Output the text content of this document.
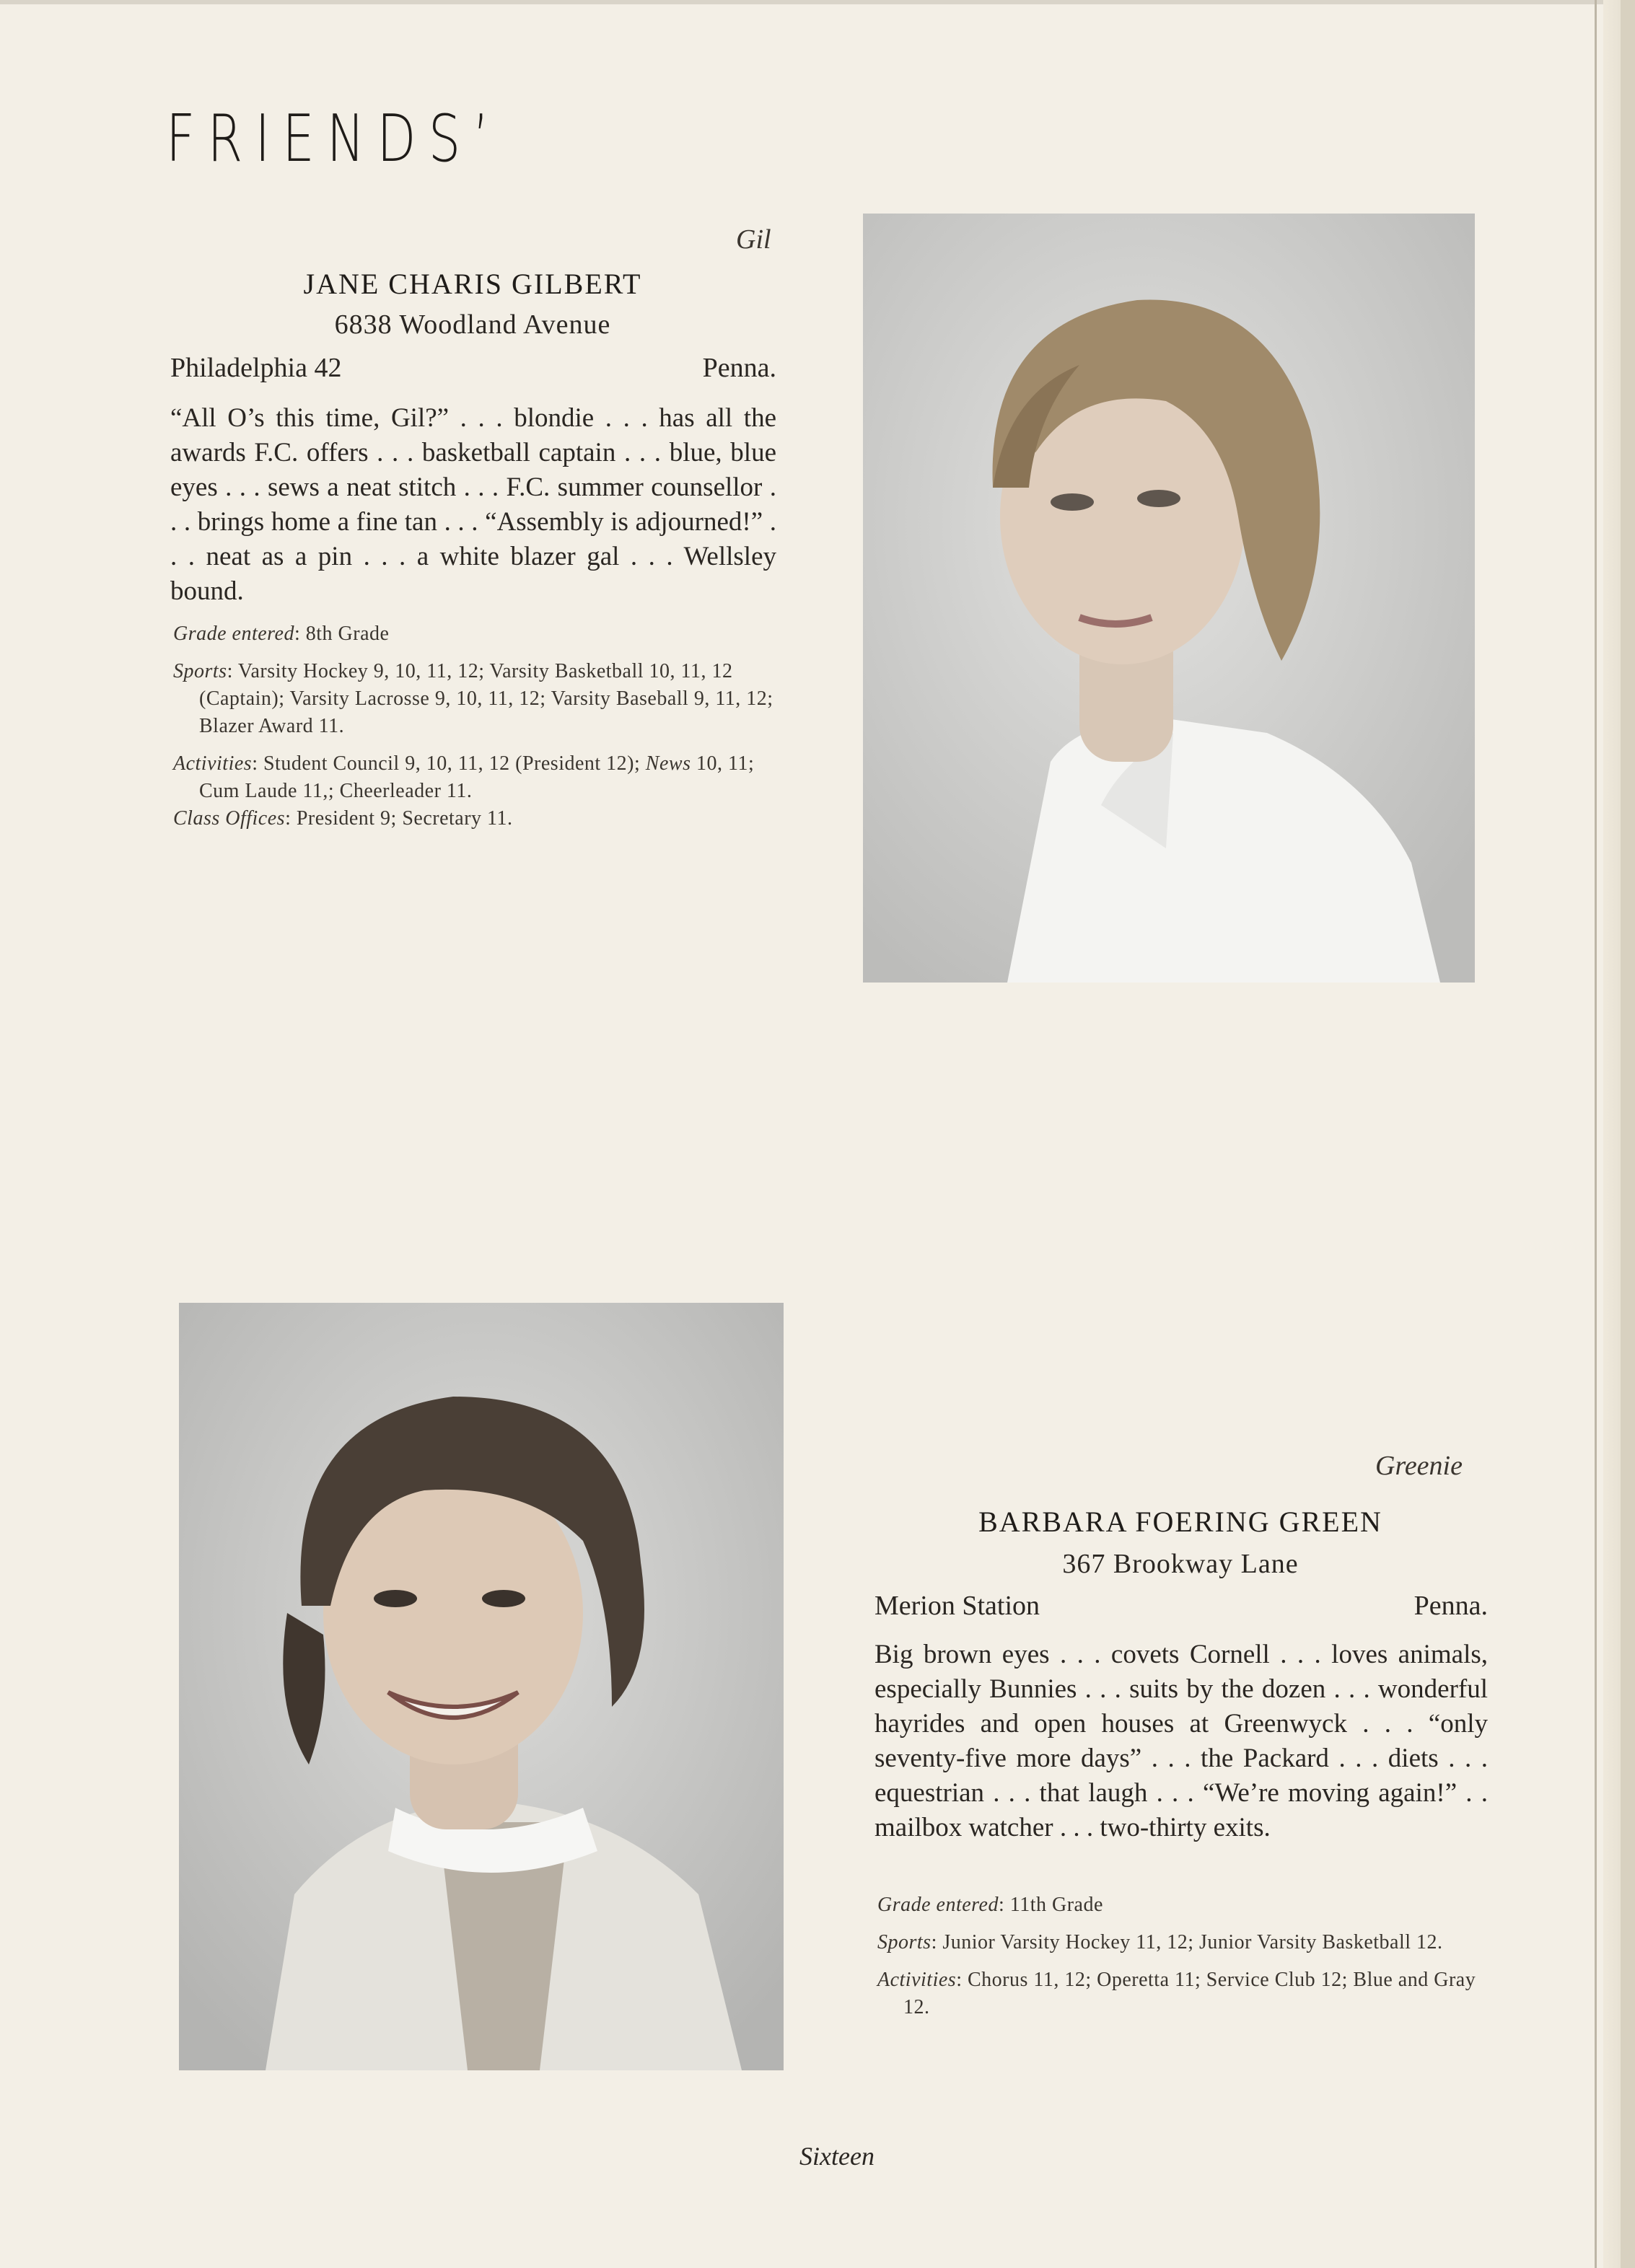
FRIENDS’
Gil
JANE CHARIS GILBERT
6838 Woodland Avenue
Philadelphia 42	Penna.
“All O’s this time, Gil?” . . . blondie . . . has all the awards F.C. offers . . . basketball captain . . . blue, blue eyes . . . sews a neat stitch . . . F.C. summer counsellor . . . brings home a fine tan . . . “Assembly is adjourned!” . . . neat as a pin . . . a white blazer gal . . . Wellsley bound.

Grade entered: 8th Grade

Sports: Varsity Hockey 9, 10, 11, 12; Varsity Basketball 10, 11, 12 (Captain); Varsity Lacrosse 9, 10, 11, 12; Varsity Baseball 9, 11, 12; Blazer Award 11.

Activities: Student Council 9, 10, 11, 12 (President 12); News 10, 11; Cum Laude 11,; Cheerleader 11.

Class Offices: President 9; Secretary 11.

Greenie
BARBARA FOERING GREEN
367 Brookway Lane
Merion Station	Penna.
Big brown eyes . . . covets Cornell . . . loves animals, especially Bunnies . . . suits by the dozen . . . wonderful hayrides and open houses at Greenwyck . . . “only seventy-five more days” . . . the Packard . . . diets . . . equestrian . . . that laugh . . . “We’re moving again!” . . mailbox watcher . . . two-thirty exits.

Grade entered: 11th Grade

Sports: Junior Varsity Hockey 11, 12; Junior Varsity Basketball 12.

Activities: Chorus 11, 12; Operetta 11; Service Club 12; Blue and Gray 12.

Sixteen
